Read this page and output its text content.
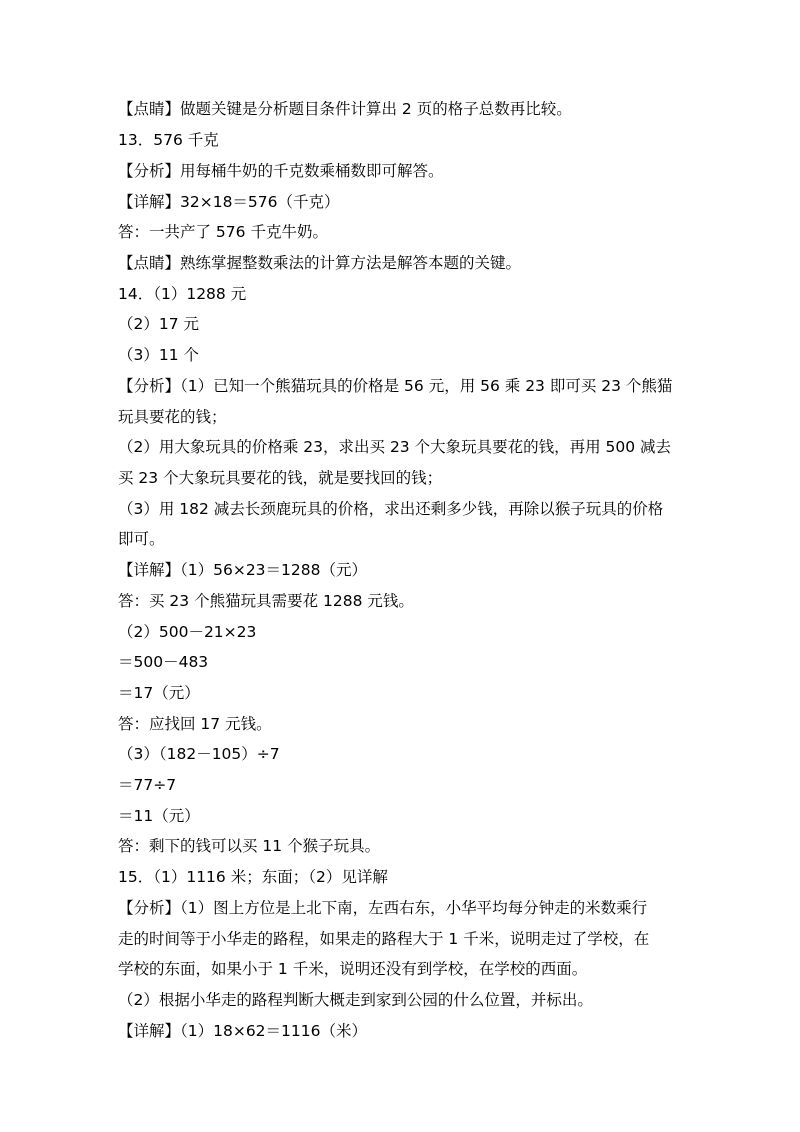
【点睛】做题关键是分析题目条件计算出 2 页的格子总数再比较。
13．576 千克
【分析】用每桶牛奶的千克数乘桶数即可解答。
【详解】32×18＝576（千克）
答：一共产了 576 千克牛奶。
【点睛】熟练掌握整数乘法的计算方法是解答本题的关键。
14．（1）1288 元
（2）17 元
（3）11 个
【分析】（1）已知一个熊猫玩具的价格是 56 元，用 56 乘 23 即可买 23 个熊猫
玩具要花的钱；
（2）用大象玩具的价格乘 23，求出买 23 个大象玩具要花的钱，再用 500 减去
买 23 个大象玩具要花的钱，就是要找回的钱；
（3）用 182 减去长颈鹿玩具的价格，求出还剩多少钱，再除以猴子玩具的价格
即可。
【详解】（1）56×23＝1288（元）
答：买 23 个熊猫玩具需要花 1288 元钱。
（2）500－21×23
＝500－483
＝17（元）
答：应找回 17 元钱。
（3）（182－105）÷7
＝77÷7
＝11（元）
答：剩下的钱可以买 11 个猴子玩具。
15．（1）1116 米；东面；（2）见详解
【分析】（1）图上方位是上北下南，左西右东，小华平均每分钟走的米数乘行
走的时间等于小华走的路程，如果走的路程大于 1 千米，说明走过了学校，在
学校的东面，如果小于 1 千米，说明还没有到学校，在学校的西面。
（2）根据小华走的路程判断大概走到家到公园的什么位置，并标出。
【详解】（1）18×62＝1116（米）
